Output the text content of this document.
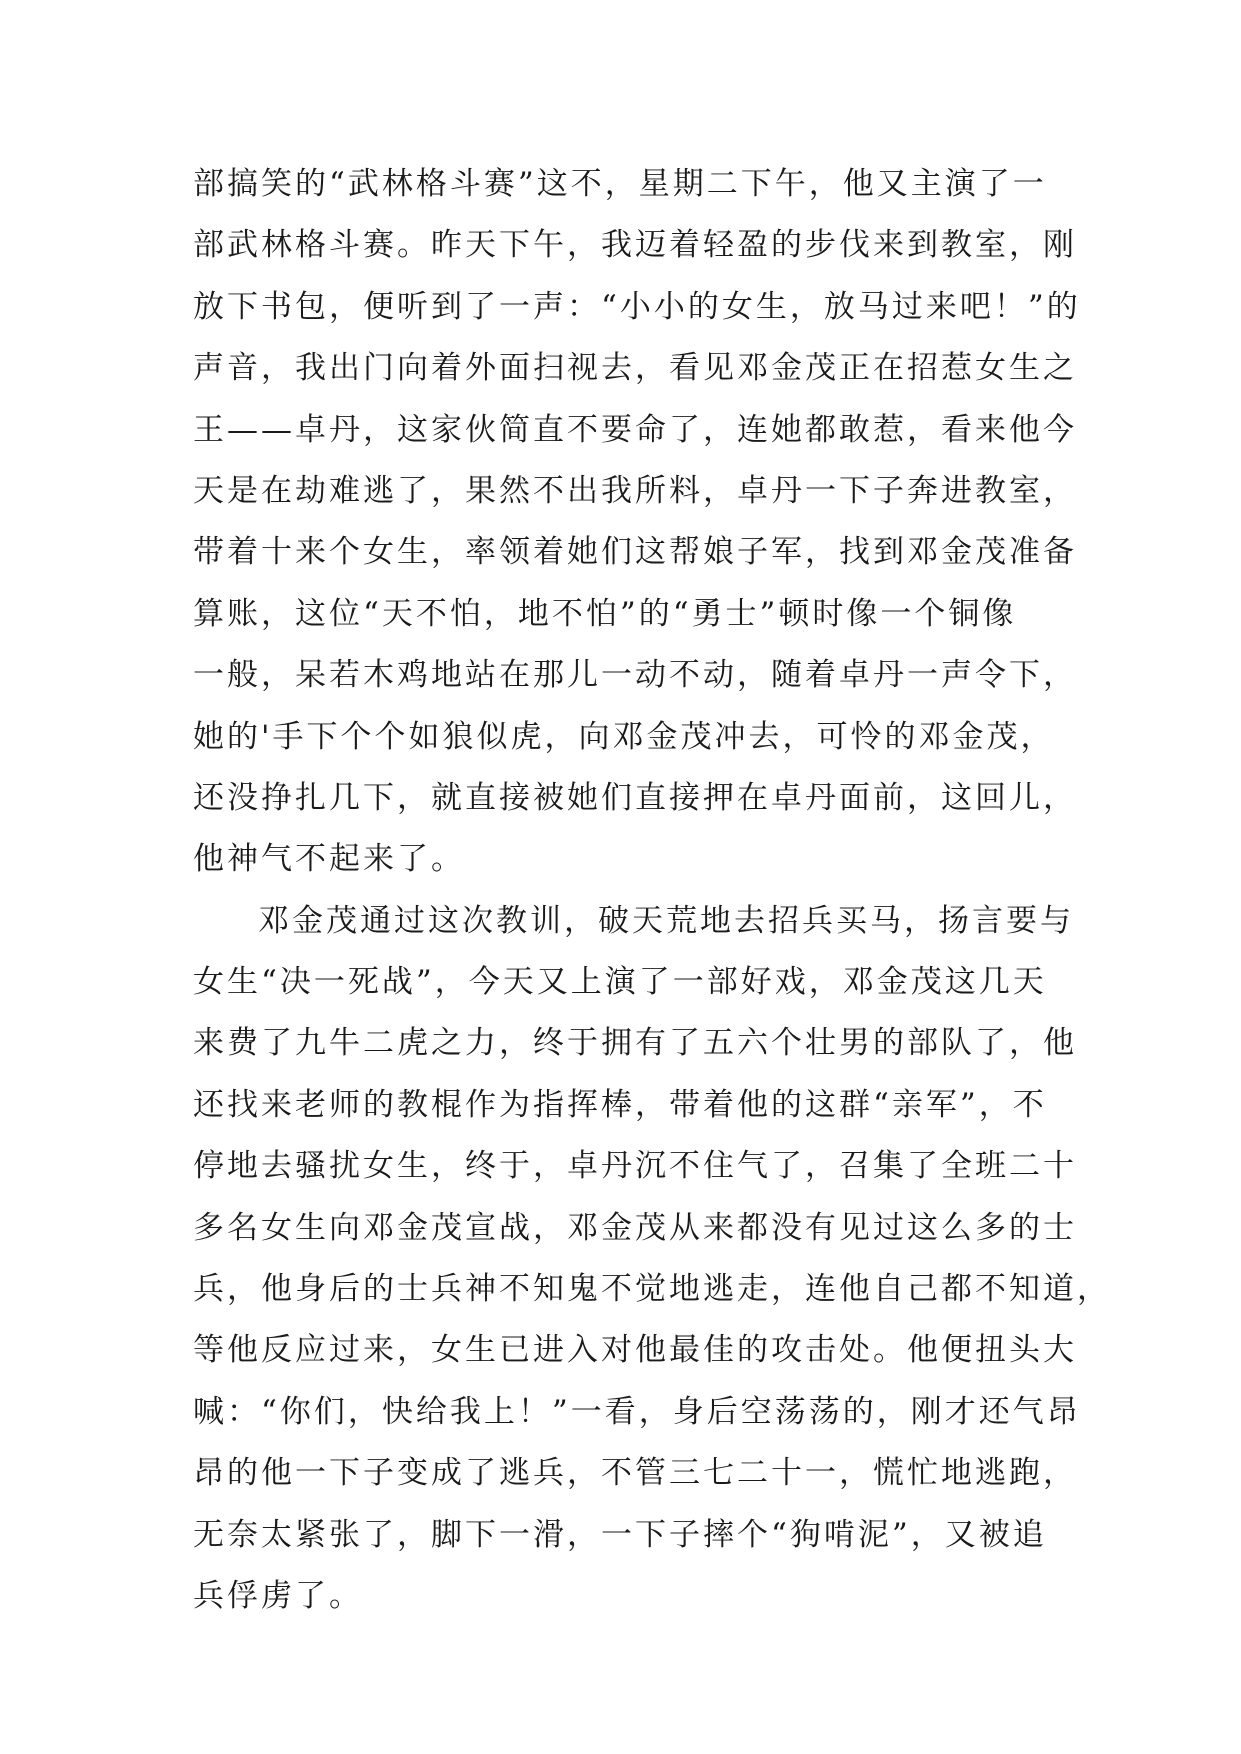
部搞笑的“武林格斗赛”这不，星期二下午，他又主演了一
部武林格斗赛。昨天下午，我迈着轻盈的步伐来到教室，刚
放下书包，便听到了一声：“小小的女生，放马过来吧！”的
声音，我出门向着外面扫视去，看见邓金茂正在招惹女生之
王——卓丹，这家伙简直不要命了，连她都敢惹，看来他今
天是在劫难逃了，果然不出我所料，卓丹一下子奔进教室，
带着十来个女生，率领着她们这帮娘子军，找到邓金茂准备
算账，这位“天不怕，地不怕”的“勇士”顿时像一个铜像
一般，呆若木鸡地站在那儿一动不动，随着卓丹一声令下，
她的'手下个个如狼似虎，向邓金茂冲去，可怜的邓金茂，
还没挣扎几下，就直接被她们直接押在卓丹面前，这回儿，
他神气不起来了。
邓金茂通过这次教训，破天荒地去招兵买马，扬言要与
女生“决一死战”，今天又上演了一部好戏，邓金茂这几天
来费了九牛二虎之力，终于拥有了五六个壮男的部队了，他
还找来老师的教棍作为指挥棒，带着他的这群“亲军”，不
停地去骚扰女生，终于，卓丹沉不住气了，召集了全班二十
多名女生向邓金茂宣战，邓金茂从来都没有见过这么多的士
兵，他身后的士兵神不知鬼不觉地逃走，连他自己都不知道，
等他反应过来，女生已进入对他最佳的攻击处。他便扭头大
喊：“你们，快给我上！”一看，身后空荡荡的，刚才还气昂
昂的他一下子变成了逃兵，不管三七二十一，慌忙地逃跑，
无奈太紧张了，脚下一滑，一下子摔个“狗啃泥”，又被追
兵俘虏了。
